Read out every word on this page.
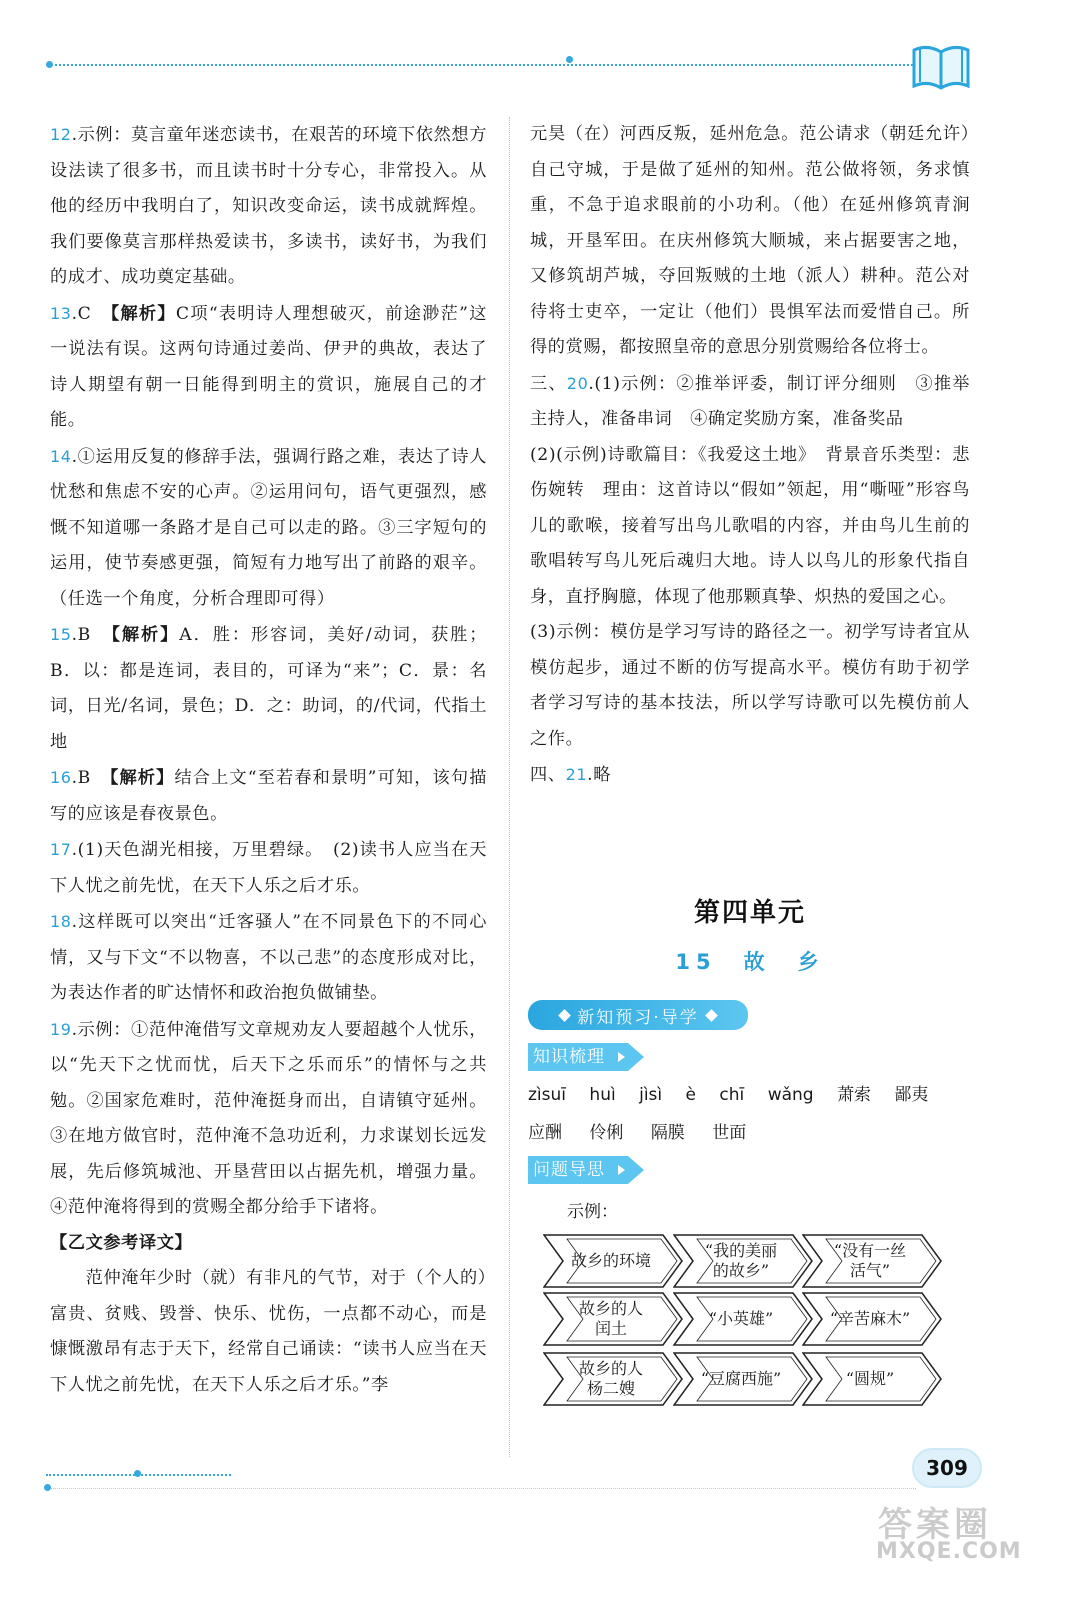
12.示例：莫言童年迷恋读书，在艰苦的环境下依然想方设法读了很多书，而且读书时十分专心，非常投入。从他的经历中我明白了，知识改变命运，读书成就辉煌。我们要像莫言那样热爱读书，多读书，读好书，为我们的成才、成功奠定基础。

13.C　【解析】C项“表明诗人理想破灭，前途渺茫”这一说法有误。这两句诗通过姜尚、伊尹的典故，表达了诗人期望有朝一日能得到明主的赏识，施展自己的才能。

14.①运用反复的修辞手法，强调行路之难，表达了诗人忧愁和焦虑不安的心声。②运用问句，语气更强烈，感慨不知道哪一条路才是自己可以走的路。③三字短句的运用，使节奏感更强，简短有力地写出了前路的艰辛。（任选一个角度，分析合理即可得）

15.B　【解析】A．胜：形容词，美好/动词，获胜；B．以：都是连词，表目的，可译为“来”；C．景：名词，日光/名词，景色；D．之：助词，的/代词，代指土地

16.B　【解析】结合上文“至若春和景明”可知，该句描写的应该是春夜景色。

17.(1)天色湖光相接，万里碧绿。　(2)读书人应当在天下人忧之前先忧，在天下人乐之后才乐。

18.这样既可以突出“迁客骚人”在不同景色下的不同心情，又与下文“不以物喜，不以己悲”的态度形成对比，为表达作者的旷达情怀和政治抱负做铺垫。

19.示例：①范仲淹借写文章规劝友人要超越个人忧乐，以“先天下之忧而忧，后天下之乐而乐”的情怀与之共勉。②国家危难时，范仲淹挺身而出，自请镇守延州。③在地方做官时，范仲淹不急功近利，力求谋划长远发展，先后修筑城池、开垦营田以占据先机，增强力量。④范仲淹将得到的赏赐全都分给手下诸将。

【乙文参考译文】

　　范仲淹年少时（就）有非凡的气节，对于（个人的）富贵、贫贱、毁誉、快乐、忧伤，一点都不动心，而是慷慨激昂有志于天下，经常自己诵读：“读书人应当在天下人忧之前先忧，在天下人乐之后才乐。”李

元昊（在）河西反叛，延州危急。范公请求（朝廷允许）自己守城，于是做了延州的知州。范公做将领，务求慎重，不急于追求眼前的小功利。（他）在延州修筑青涧城，开垦军田。在庆州修筑大顺城，来占据要害之地，又修筑胡芦城，夺回叛贼的土地（派人）耕种。范公对待将士吏卒，一定让（他们）畏惧军法而爱惜自己。所得的赏赐，都按照皇帝的意思分别赏赐给各位将士。

三、20.(1)示例：②推举评委，制订评分细则　③推举主持人，准备串词　④确定奖励方案，准备奖品

(2)(示例)诗歌篇目：《我爱这土地》　背景音乐类型：悲伤婉转　理由：这首诗以“假如”领起，用“嘶哑”形容鸟儿的歌喉，接着写出鸟儿歌唱的内容，并由鸟儿生前的歌唱转写鸟儿死后魂归大地。诗人以鸟儿的形象代指自身，直抒胸臆，体现了他那颗真挚、炽热的爱国之心。

(3)示例：模仿是学习写诗的路径之一。初学写诗者宜从模仿起步，通过不断的仿写提高水平。模仿有助于初学者学习写诗的基本技法，所以学写诗歌可以先模仿前人之作。

四、21.略

第四单元
15　故　乡
新知预习·导学
知识梳理
zìsuī huì jìsì è chī wǎng 萧索 鄙夷
应酬 伶俐 隔膜 世面
问题导思
示例：
故乡的环境
“我的美丽
的故乡”
“没有一丝
活气”
故乡的人
闰土
“小英雄”	“辛苦麻木”
故乡的人
杨二嫂
“豆腐西施”	“圆规”
309
答案圈
MXQE.COM
